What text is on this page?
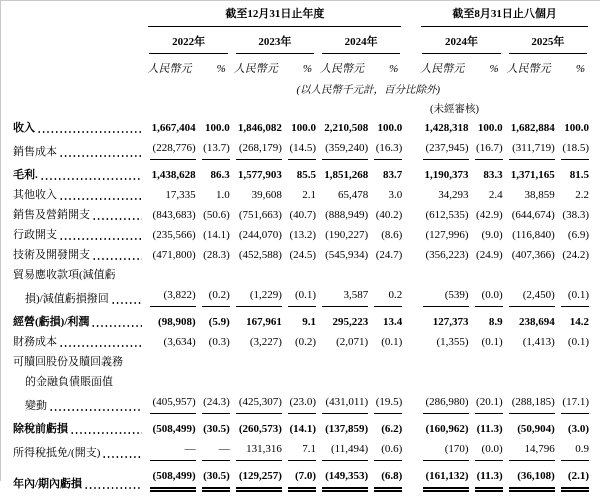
	截至12月31日止年度						截至8月31日止八個月			

	2022年		2023年		2024年		2024年		2025年	

	人民幣元	%	人民幣元	%	人民幣元	%	人民幣元	%	人民幣元	%
	(以人民幣千元計，百分比除外)									
							(未經審核)			

收入	1,667,404	100.0	1,846,082	100.0	2,210,508	100.0	1,428,318	100.0	1,682,884	100.0

銷售成本	(228,776)	(13.7)	(268,179)	(14.5)	(359,240)	(16.3)	(237,945)	(16.7)	(311,719)	(18.5)

毛利.	1,438,628	86.3	1,577,903	85.5	1,851,268	83.7	1,190,373	83.3	1,371,165	81.5

其他收入	17,335	1.0	39,608	2.1	65,478	3.0	34,293	2.4	38,859	2.2

銷售及營銷開支	(843,683)	(50.6)	(751,663)	(40.7)	(888,949)	(40.2)	(612,535)	(42.9)	(644,674)	(38.3)

行政開支	(235,566)	(14.1)	(244,070)	(13.2)	(190,227)	(8.6)	(127,996)	(9.0)	(116,840)	(6.9)

技術及開發開支	(471,800)	(28.3)	(452,588)	(24.5)	(545,934)	(24.7)	(356,223)	(24.9)	(407,366)	(24.2)

貿易應收款項(減值虧										

損)/減值虧損撥回	(3,822)	(0.2)	(1,229)	(0.1)	3,587	0.2	(539)	(0.0)	(2,450)	(0.1)

經營(虧損)/利潤	(98,908)	(5.9)	167,961	9.1	295,223	13.4	127,373	8.9	238,694	14.2

財務成本	(3,634)	(0.3)	(3,227)	(0.2)	(2,071)	(0.1)	(1,355)	(0.1)	(1,413)	(0.1)

可贖回股份及贖回義務										

的金融負債賬面值										

變動	(405,957)	(24.3)	(425,307)	(23.0)	(431,011)	(19.5)	(286,980)	(20.1)	(288,185)	(17.1)

除稅前虧損	(508,499)	(30.5)	(260,573)	(14.1)	(137,859)	(6.2)	(160,962)	(11.3)	(50,904)	(3.0)

所得稅抵免/(開支)	—	—	131,316	7.1	(11,494)	(0.6)	(170)	(0.0)	14,796	0.9

年內/期內虧損	(508,499)	(30.5)	(129,257)	(7.0)	(149,353)	(6.8)	(161,132)	(11.3)	(36,108)	(2.1)
